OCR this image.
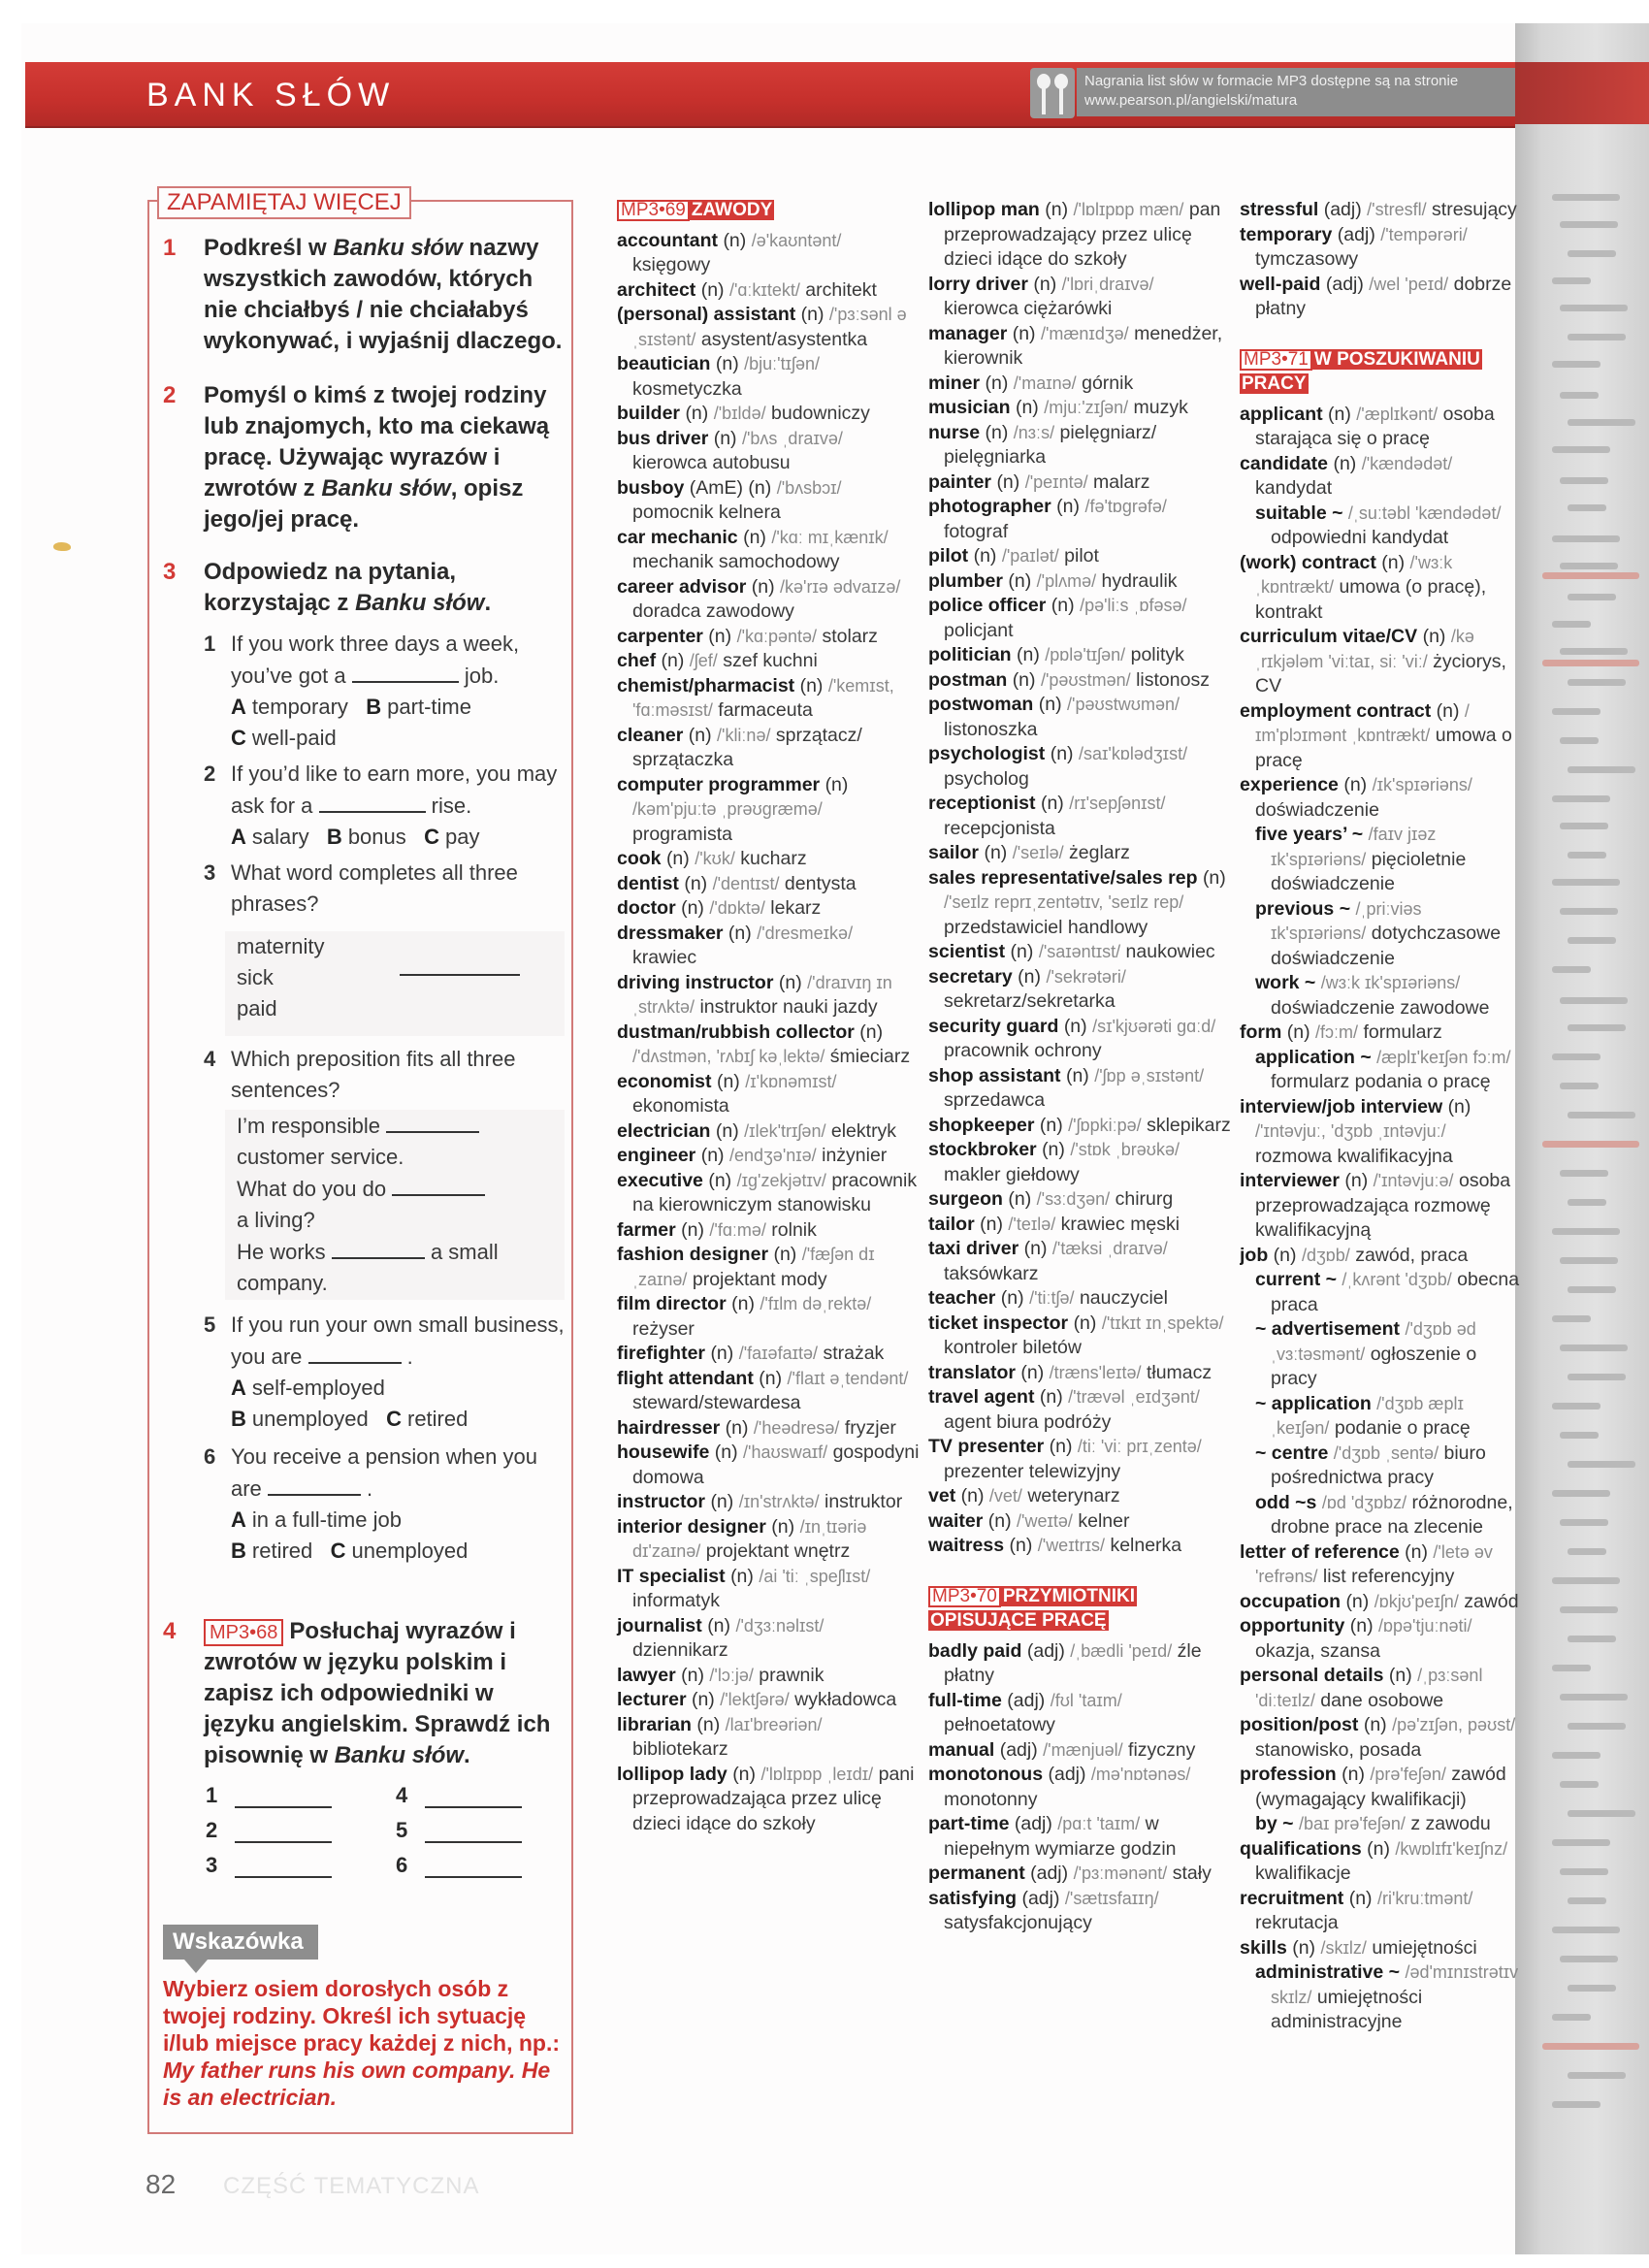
BANK SŁÓW	Nagrania list słów w formacie MP3 dostępne są na stronie
www.pearson.pl/angielski/matura
ZAPAMIĘTAJ WIĘCEJ
1	Podkreśl w Banku słów nazwy wszystkich zawodów, których nie chciałbyś / nie chciałabyś wykonywać, i wyjaśnij dlaczego.
2	Pomyśl o kimś z twojej rodziny lub znajomych, kto ma ciekawą pracę. Używając wyrazów i zwrotów z Banku słów, opisz jego/jej pracę.
3	Odpowiedz na pytania, korzystając z Banku słów.
1 If you work three days a week, you’ve got a	job.
A temporary B part-time
C well-paid
2 If you’d like to earn more, you may ask for a	rise.
A salary B bonus C pay
3 What word completes all three phrases?
maternity
sick
paid
4 Which preposition fits all three sentences?
I’m responsible
customer service.
What do you do
a living?
He works	a small
company.
5 If you run your own small business, you are	.
A self-employed
B unemployed C retired
6 You receive a pension when you are	.
A in a full-time job
B retired C unemployed
4	MP3•68 Posłuchaj wyrazów i zwrotów w języku polskim i zapisz ich odpowiedniki w języku angielskim. Sprawdź ich pisownię w Banku słów.
1
2
3
4
5
6
Wskazówka
Wybierz osiem dorosłych osób z twojej rodziny. Określ ich sytuację i/lub miejsce pracy każdej z nich, np.: My father runs his own company. He is an electrician.
82 CZĘŚĆ TEMATYCZNA
MP3•69 ZAWODY
accountant (n) /ə'kaʊntənt/ księgowy
architect (n) /'ɑːkɪtekt/ architekt
(personal) assistant (n) /'pɜːsənl əˌsɪstənt/ asystent/asystentka
beautician (n) /bjuː'tɪʃən/ kosmetyczka
builder (n) /'bɪldə/ budowniczy
bus driver (n) /'bʌs ˌdraɪvə/ kierowca autobusu
busboy (AmE) (n) /'bʌsbɔɪ/ pomocnik kelnera
car mechanic (n) /'kɑː mɪˌkænɪk/ mechanik samochodowy
career advisor (n) /kə'rɪə ədvaɪzə/ doradca zawodowy
carpenter (n) /'kɑːpəntə/ stolarz
chef (n) /ʃef/ szef kuchni
chemist/pharmacist (n) /'kemɪst, 'fɑːməsɪst/ farmaceuta
cleaner (n) /'kliːnə/ sprzątacz/ sprzątaczka
computer programmer (n) /kəm'pjuːtə ˌprəʊgræmə/ programista
cook (n) /'kʊk/ kucharz
dentist (n) /'dentɪst/ dentysta
doctor (n) /'dɒktə/ lekarz
dressmaker (n) /'dresmeɪkə/ krawiec
driving instructor (n) /'draɪvɪŋ ɪnˌstrʌktə/ instruktor nauki jazdy
dustman/rubbish collector (n) /'dʌstmən, 'rʌbɪʃ kəˌlektə/ śmieciarz
economist (n) /ɪ'kɒnəmɪst/ ekonomista
electrician (n) /ɪlek'trɪʃən/ elektryk
engineer (n) /endʒə'nɪə/ inżynier
executive (n) /ɪg'zekjətɪv/ pracownik na kierowniczym stanowisku
farmer (n) /'fɑːmə/ rolnik
fashion designer (n) /'fæʃən dɪˌzaɪnə/ projektant mody
film director (n) /'fɪlm dəˌrektə/ reżyser
firefighter (n) /'faɪəfaɪtə/ strażak
flight attendant (n) /'flaɪt əˌtendənt/ steward/stewardesa
hairdresser (n) /'heədresə/ fryzjer
housewife (n) /'haʊswaɪf/ gospodyni domowa
instructor (n) /ɪn'strʌktə/ instruktor
interior designer (n) /ɪnˌtɪəriə dɪ'zaɪnə/ projektant wnętrz
IT specialist (n) /ai 'tiː ˌspeʃlɪst/ informatyk
journalist (n) /'dʒɜːnəlɪst/ dziennikarz
lawyer (n) /'lɔːjə/ prawnik
lecturer (n) /'lektʃərə/ wykładowca
librarian (n) /laɪ'breəriən/ bibliotekarz
lollipop lady (n) /'lɒlɪpɒp ˌleɪdɪ/ pani przeprowadzająca przez ulicę dzieci idące do szkoły
lollipop man (n) /'lɒlɪpɒp mæn/ pan przeprowadzający przez ulicę dzieci idące do szkoły
lorry driver (n) /'lɒriˌdraɪvə/ kierowca ciężarówki
manager (n) /'mænɪdʒə/ menedżer, kierownik
miner (n) /'maɪnə/ górnik
musician (n) /mjuː'zɪʃən/ muzyk
nurse (n) /nɜːs/ pielęgniarz/ pielęgniarka
painter (n) /'peɪntə/ malarz
photographer (n) /fə'tɒgrəfə/ fotograf
pilot (n) /'paɪlət/ pilot
plumber (n) /'plʌmə/ hydraulik
police officer (n) /pə'liːs ˌɒfəsə/ policjant
politician (n) /pɒlə'tɪʃən/ polityk
postman (n) /'pəʊstmən/ listonosz
postwoman (n) /'pəʊstwʊmən/ listonoszka
psychologist (n) /saɪ'kɒlədʒɪst/ psycholog
receptionist (n) /rɪ'sepʃənɪst/ recepcjonista
sailor (n) /'seɪlə/ żeglarz
sales representative/sales rep (n) /'seɪlz reprɪˌzentətɪv, 'seɪlz rep/ przedstawiciel handlowy
scientist (n) /'saɪəntɪst/ naukowiec
secretary (n) /'sekrətəri/ sekretarz/sekretarka
security guard (n) /sɪ'kjʊərəti gɑːd/ pracownik ochrony
shop assistant (n) /'ʃɒp əˌsɪstənt/ sprzedawca
shopkeeper (n) /'ʃɒpkiːpə/ sklepikarz
stockbroker (n) /'stɒk ˌbrəʊkə/ makler giełdowy
surgeon (n) /'sɜːdʒən/ chirurg
tailor (n) /'teɪlə/ krawiec męski
taxi driver (n) /'tæksi ˌdraɪvə/ taksówkarz
teacher (n) /'tiːtʃə/ nauczyciel
ticket inspector (n) /'tɪkɪt ɪnˌspektə/ kontroler biletów
translator (n) /træns'leɪtə/ tłumacz
travel agent (n) /'trævəl ˌeɪdʒənt/ agent biura podróży
TV presenter (n) /tiː 'viː prɪˌzentə/ prezenter telewizyjny
vet (n) /vet/ weterynarz
waiter (n) /'weɪtə/ kelner
waitress (n) /'weɪtrɪs/ kelnerka
MP3•70 PRZYMIOTNIKI OPISUJĄCE PRACĘ
badly paid (adj) /ˌbædli 'peɪd/ źle płatny
full-time (adj) /fʊl 'taɪm/ pełnoetatowy
manual (adj) /'mænjuəl/ fizyczny
monotonous (adj) /mə'nɒtənəs/ monotonny
part-time (adj) /pɑːt 'taɪm/ w niepełnym wymiarze godzin
permanent (adj) /'pɜːmənənt/ stały
satisfying (adj) /'sætɪsfaɪɪŋ/ satysfakcjonujący
stressful (adj) /'stresfl/ stresujący
temporary (adj) /'tempərəri/ tymczasowy
well-paid (adj) /wel 'peɪd/ dobrze płatny
MP3•71 W POSZUKIWANIU PRACY
applicant (n) /'æplɪkənt/ osoba starająca się o pracę
candidate (n) /'kændədət/ kandydat
suitable ~ /ˌsuːtəbl 'kændədət/ odpowiedni kandydat
(work) contract (n) /'wɜːk ˌkɒntrækt/ umowa (o pracę), kontrakt
curriculum vitae/CV (n) /kəˌrɪkjələm 'viːtaɪ, siː 'viː/ życiorys, CV
employment contract (n) /ɪm'plɔɪmənt ˌkɒntrækt/ umowa o pracę
experience (n) /ɪk'spɪəriəns/ doświadczenie
five years’ ~ /faɪv jɪəz ɪk'spɪəriəns/ pięcioletnie doświadczenie
previous ~ /ˌpriːviəs ɪk'spɪəriəns/ dotychczasowe doświadczenie
work ~ /wɜːk ɪk'spɪəriəns/ doświadczenie zawodowe
form (n) /fɔːm/ formularz
application ~ /æplɪ'keɪʃən fɔːm/ formularz podania o pracę
interview/job interview (n) /'ɪntəvjuː, 'dʒɒb ˌɪntəvjuː/ rozmowa kwalifikacyjna
interviewer (n) /'ɪntəvjuːə/ osoba przeprowadzająca rozmowę kwalifikacyjną
job (n) /dʒɒb/ zawód, praca
current ~ /ˌkʌrənt 'dʒɒb/ obecna praca
~ advertisement /'dʒɒb ədˌvɜːtəsmənt/ ogłoszenie o pracy
~ application /'dʒɒb æplɪˌkeɪʃən/ podanie o pracę
~ centre /'dʒɒb ˌsentə/ biuro pośrednictwa pracy
odd ~s /ɒd 'dʒɒbz/ różnorodne, drobne prace na zlecenie
letter of reference (n) /'letə əv 'refrəns/ list referencyjny
occupation (n) /ɒkjʊ'peɪʃn/ zawód
opportunity (n) /ɒpə'tjuːnəti/ okazja, szansa
personal details (n) /ˌpɜːsənl 'diːteɪlz/ dane osobowe
position/post (n) /pə'zɪʃən, pəʊst/ stanowisko, posada
profession (n) /prə'feʃən/ zawód (wymagający kwalifikacji)
by ~ /baɪ prə'feʃən/ z zawodu
qualifications (n) /kwɒlɪfɪ'keɪʃnz/ kwalifikacje
recruitment (n) /ri'kruːtmənt/ rekrutacja
skills (n) /skɪlz/ umiejętności
administrative ~ /əd'mɪnɪstrətɪv skɪlz/ umiejętności administracyjne
